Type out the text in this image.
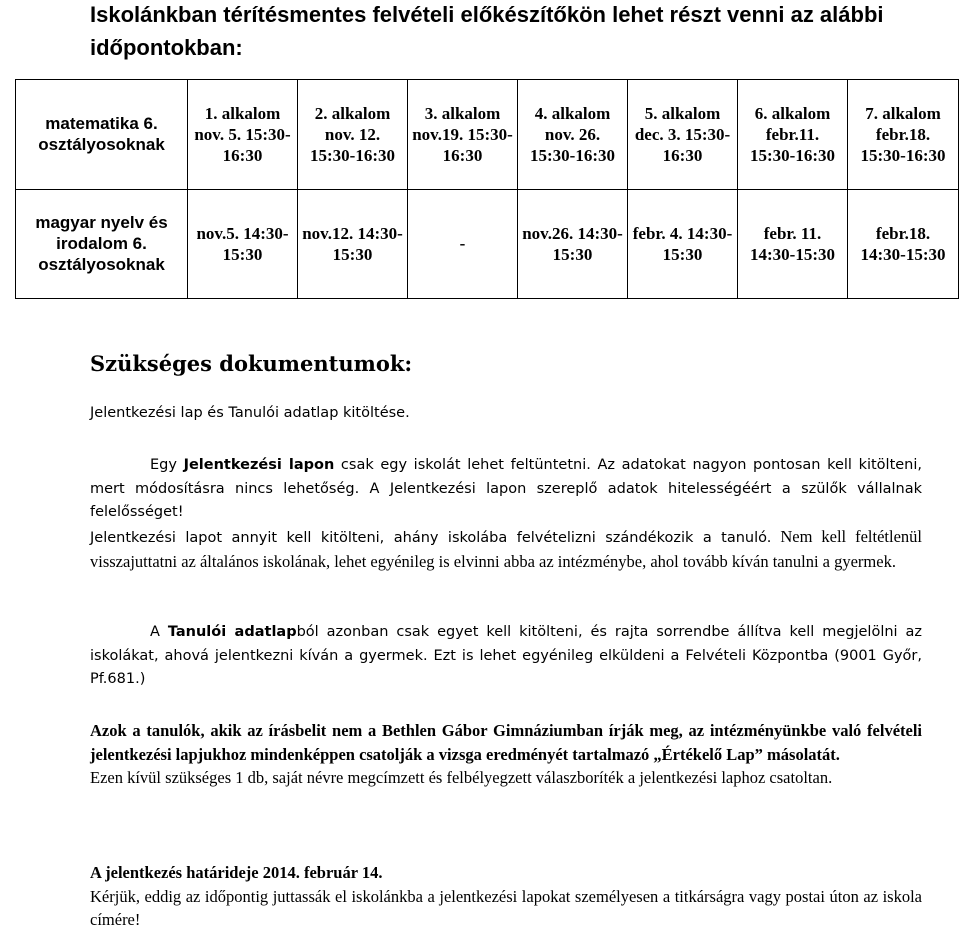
Iskolánkban térítésmentes felvételi előkészítőkön lehet részt venni az alábbi időpontokban:
matematika 6. osztályosoknak	1. alkalom nov. 5. 15:30-16:30	2. alkalom nov. 12. 15:30-16:30	3. alkalom nov.19. 15:30-16:30	4. alkalom nov. 26. 15:30-16:30	5. alkalom dec. 3. 15:30-16:30	6. alkalom febr.11. 15:30-16:30	7. alkalom febr.18. 15:30-16:30
magyar nyelv és irodalom 6. osztályosoknak	nov.5. 14:30-15:30	nov.12. 14:30-15:30	-	nov.26. 14:30-15:30	febr. 4. 14:30-15:30	febr. 11. 14:30-15:30	febr.18. 14:30-15:30
Szükséges dokumentumok:

Jelentkezési lap és Tanulói adatlap kitöltése.

Egy Jelentkezési lapon csak egy iskolát lehet feltüntetni. Az adatokat nagyon pontosan kell kitölteni, mert módosításra nincs lehetőség. A Jelentkezési lapon szereplő adatok hitelességéért a szülők vállalnak felelősséget!
Jelentkezési lapot annyit kell kitölteni, ahány iskolába felvételizni szándékozik a tanuló. Nem kell feltétlenül visszajuttatni az általános iskolának, lehet egyénileg is elvinni abba az intézménybe, ahol tovább kíván tanulni a gyermek.

A Tanulói adatlapból azonban csak egyet kell kitölteni, és rajta sorrendbe állítva kell megjelölni az iskolákat, ahová jelentkezni kíván a gyermek. Ezt is lehet egyénileg elküldeni a Felvételi Központba (9001 Győr, Pf.681.)

Azok a tanulók, akik az írásbelit nem a Bethlen Gábor Gimnáziumban írják meg, az intézményünkbe való felvételi jelentkezési lapjukhoz mindenképpen csatolják a vizsga eredményét tartalmazó „Értékelő Lap” másolatát.
Ezen kívül szükséges 1 db, saját névre megcímzett és felbélyegzett válaszboríték a jelentkezési laphoz csatoltan.

A jelentkezés határideje 2014. február 14.
Kérjük, eddig az időpontig juttassák el iskolánkba a jelentkezési lapokat személyesen a titkárságra vagy postai úton az iskola címére!
